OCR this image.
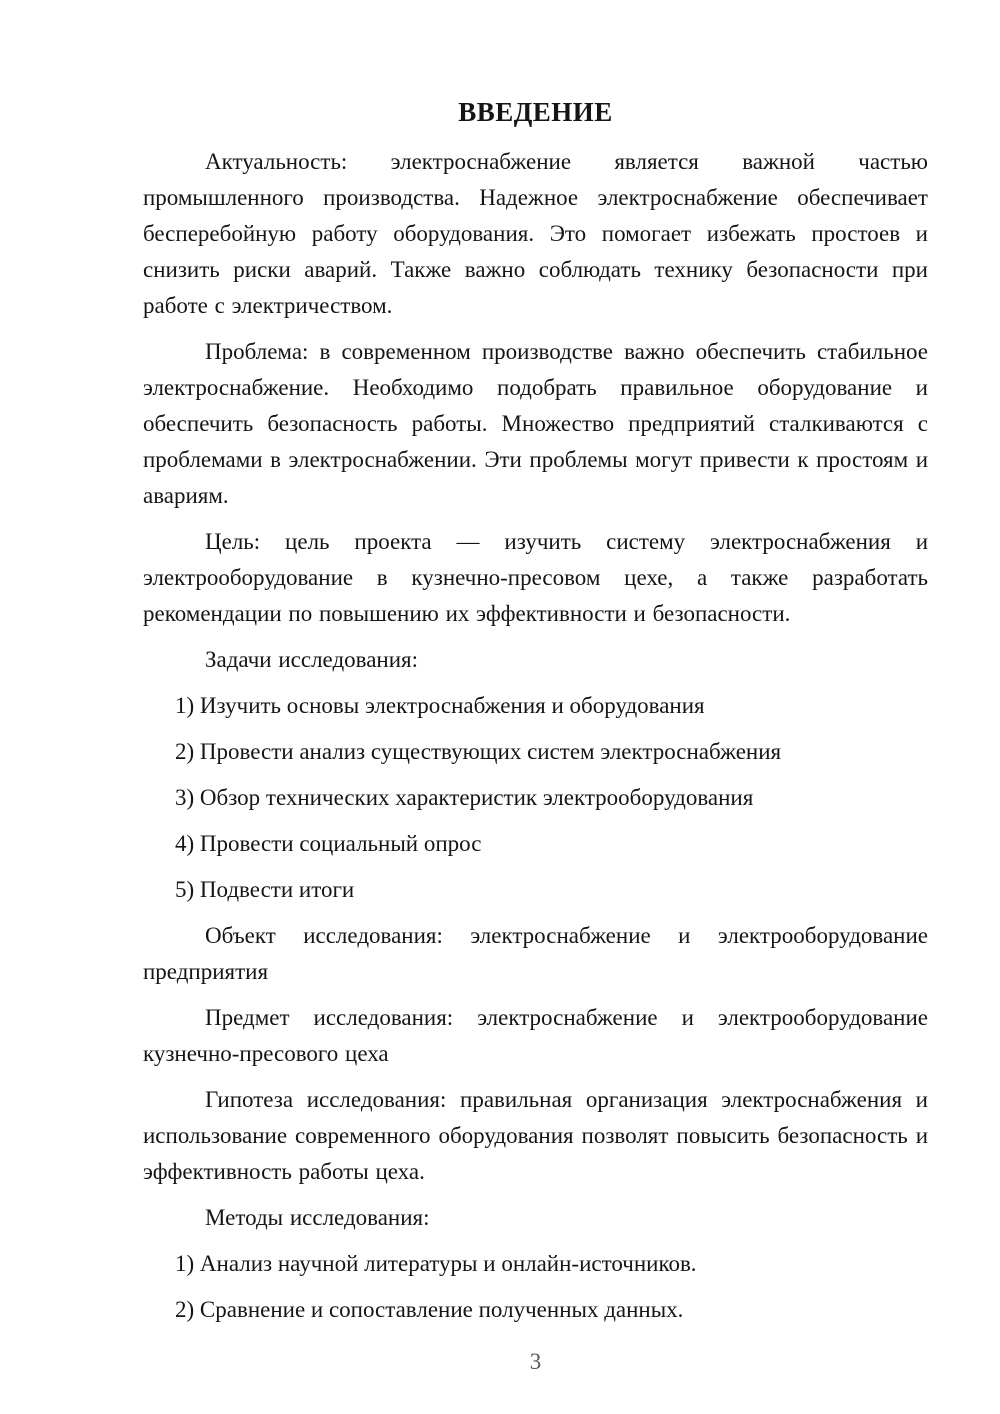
ВВЕДЕНИЕ

Актуальность: электроснабжение является важной частью промышленного производства. Надежное электроснабжение обеспечивает бесперебойную работу оборудования. Это помогает избежать простоев и снизить риски аварий. Также важно соблюдать технику безопасности при работе с электричеством.

Проблема: в современном производстве важно обеспечить стабильное электроснабжение. Необходимо подобрать правильное оборудование и обеспечить безопасность работы. Множество предприятий сталкиваются с проблемами в электроснабжении. Эти проблемы могут привести к простоям и авариям.

Цель: цель проекта — изучить систему электроснабжения и электрооборудование в кузнечно-пресовом цехе, а также разработать рекомендации по повышению их эффективности и безопасности.

Задачи исследования:

1) Изучить основы электроснабжения и оборудования

2) Провести анализ существующих систем электроснабжения

3) Обзор технических характеристик электрооборудования

4) Провести социальный опрос

5) Подвести итоги

Объект исследования: электроснабжение и электрооборудование предприятия

Предмет исследования: электроснабжение и электрооборудование кузнечно-пресового цеха

Гипотеза исследования: правильная организация электроснабжения и использование современного оборудования позволят повысить безопасность и эффективность работы цеха.

Методы исследования:

1) Анализ научной литературы и онлайн-источников.

2) Сравнение и сопоставление полученных данных.

3
